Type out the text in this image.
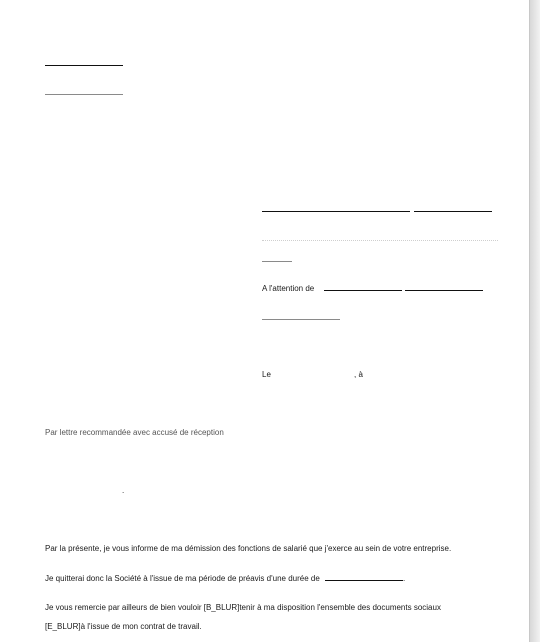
A l'attention de
Le	, à
Par lettre recommandée avec accusé de réception
.
Par la présente, je vous informe de ma démission des fonctions de salarié que j'exerce au sein de votre entreprise.
Je quitterai donc la Société à l'issue de ma période de préavis d'une durée de	.
Je vous remercie par ailleurs de bien vouloir [B_BLUR]tenir à ma disposition l'ensemble des documents sociaux
[E_BLUR]à l'issue de mon contrat de travail.
